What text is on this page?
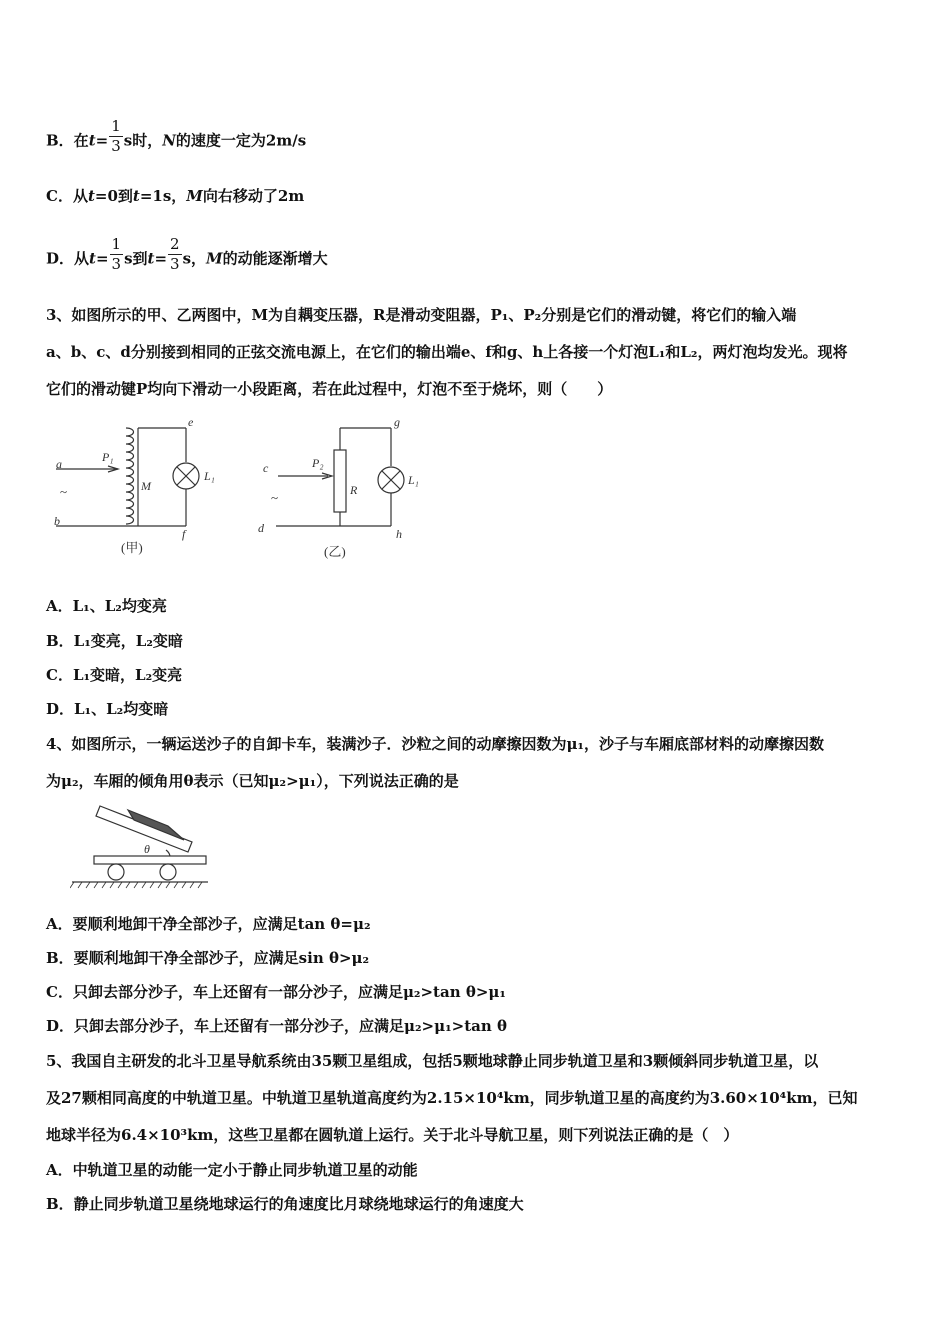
B．在$t= \frac{1}{3}$ s时，N的速度一定为2m/s
C．从t=0到t=1s，M向右移动了2m
D．从$t= \frac{1}{3}$ s到$t= \frac{2}{3}$ s，M的动能逐渐增大
3、如图所示的甲、乙两图中，M为自耦变压器，R是滑动变阻器，P₁、P₂分别是它们的滑动键，将它们的输入端
a、b、c、d分别接到相同的正弦交流电源上，在它们的输出端e、f和g、h上各接一个灯泡L₁和L₂，两灯泡均发光。现将
它们的滑动键P均向下滑动一小段距离，若在此过程中，灯泡不至于烧坏，则（　　）
a
b
P₁
M
e
L₁
f
c
d
P₂
R
g
L₁
h
~	~
(甲)	(乙)
A．L₁、L₂均变亮
B．L₁变亮，L₂变暗
C．L₁变暗，L₂变亮
D．L₁、L₂均变暗
4、如图所示，一辆运送沙子的自卸卡车，装满沙子．沙粒之间的动摩擦因数为μ₁，沙子与车厢底部材料的动摩擦因数
为μ₂，车厢的倾角用θ表示（已知μ₂>μ₁），下列说法正确的是
θ
A．要顺利地卸干净全部沙子，应满足tan θ=μ₂
B．要顺利地卸干净全部沙子，应满足sin θ>μ₂
C．只卸去部分沙子，车上还留有一部分沙子，应满足μ₂>tan θ>μ₁
D．只卸去部分沙子，车上还留有一部分沙子，应满足μ₂>μ₁>tan θ
5、我国自主研发的北斗卫星导航系统由35颗卫星组成，包括5颗地球静止同步轨道卫星和3颗倾斜同步轨道卫星，以
及27颗相同高度的中轨道卫星。中轨道卫星轨道高度约为2.15×10⁴km，同步轨道卫星的高度约为3.60×10⁴km，已知
地球半径为6.4×10³km，这些卫星都在圆轨道上运行。关于北斗导航卫星，则下列说法正确的是（　）
A．中轨道卫星的动能一定小于静止同步轨道卫星的动能
B．静止同步轨道卫星绕地球运行的角速度比月球绕地球运行的角速度大
